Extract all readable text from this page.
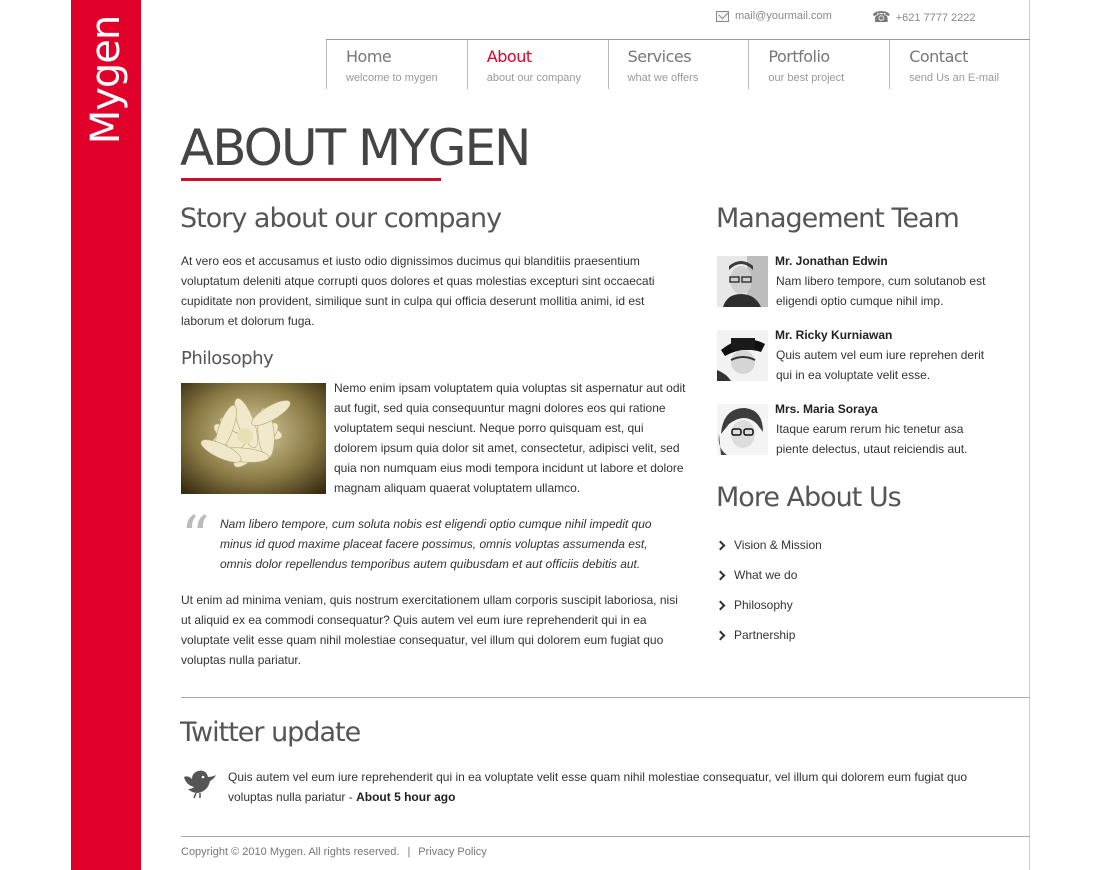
Mygen	mail@yourmail.com	☎ +621 7777 2222
Home
welcome to mygen
About
about our company
Services
what we offers
Portfolio
our best project
Contact
send Us an E-mail
ABOUT MYGEN
Story about our company

At vero eos et accusamus et iusto odio dignissimos ducimus qui blanditiis praesentium voluptatum deleniti atque corrupti quos dolores et quas molestias excepturi sint occaecati cupiditate non provident, similique sunt in culpa qui officia deserunt mollitia animi, id est laborum et dolorum fuga.

Philosophy

Nemo enim ipsam voluptatem quia voluptas sit aspernatur aut odit aut fugit, sed quia consequuntur magni dolores eos qui ratione voluptatem sequi nesciunt. Neque porro quisquam est, qui dolorem ipsum quia dolor sit amet, consectetur, adipisci velit, sed quia non numquam eius modi tempora incidunt ut labore et dolore magnam aliquam quaerat voluptatem ullamco.

“ Nam libero tempore, cum soluta nobis est eligendi optio cumque nihil impedit quo minus id quod maxime placeat facere possimus, omnis voluptas assumenda est, omnis dolor repellendus temporibus autem quibusdam et aut officiis debitis aut.

Ut enim ad minima veniam, quis nostrum exercitationem ullam corporis suscipit laboriosa, nisi ut aliquid ex ea commodi consequatur? Quis autem vel eum iure reprehenderit qui in ea voluptate velit esse quam nihil molestiae consequatur, vel illum qui dolorem eum fugiat quo voluptas nulla pariatur.

Management Team
Mr. Jonathan Edwin
Nam libero tempore, cum solutanob est eligendi optio cumque nihil imp.
Mr. Ricky Kurniawan
Quis autem vel eum iure reprehen derit qui in ea voluptate velit esse.
Mrs. Maria Soraya
Itaque earum rerum hic tenetur asa piente delectus, utaut reiciendis aut.
More About Us
Vision & Mission
What we do
Philosophy
Partnership
Twitter update

Quis autem vel eum iure reprehenderit qui in ea voluptate velit esse quam nihil molestiae consequatur, vel illum qui dolorem eum fugiat quo voluptas nulla pariatur - About 5 hour ago

Copyright © 2010 Mygen. All rights reserved. | Privacy Policy
